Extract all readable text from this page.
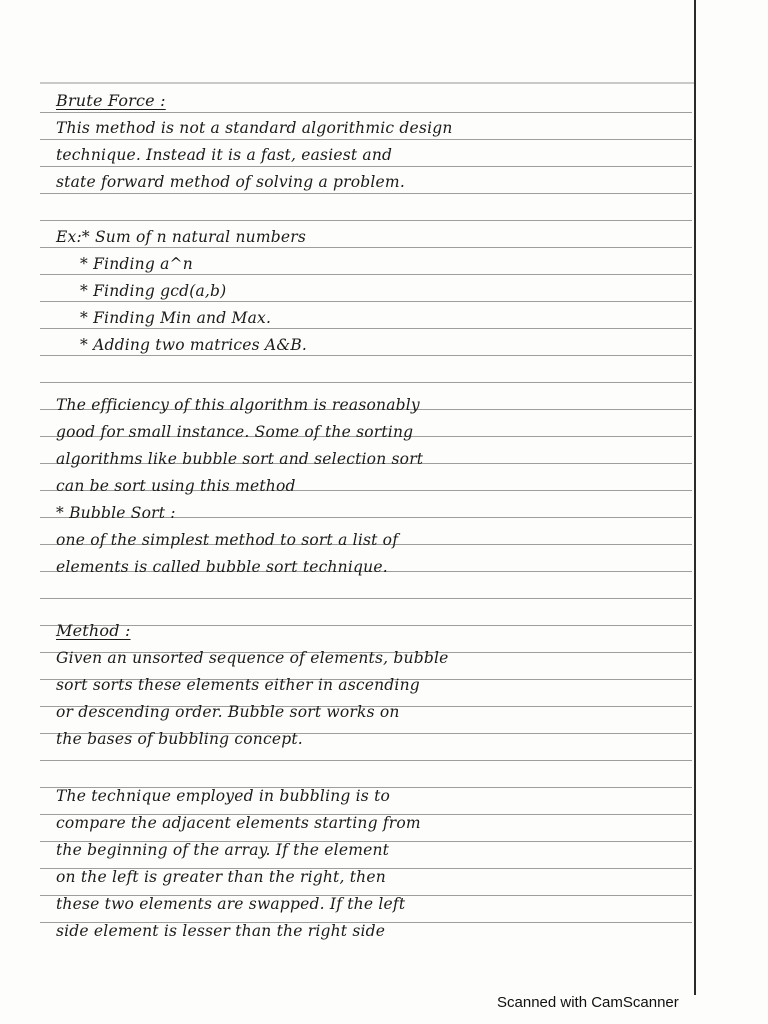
Brute Force :
This method is not a standard algorithmic design
technique. Instead it is a fast, easiest and
state forward method of solving a problem.
Ex:* Sum of n natural numbers
* Finding a^n
* Finding gcd(a,b)
* Finding Min and Max.
* Adding two matrices A&B.
The efficiency of this algorithm is reasonably
good for small instance. Some of the sorting
algorithms like bubble sort and selection sort
can be sort using this method
* Bubble Sort :
one of the simplest method to sort a list of
elements is called bubble sort technique.
Method :
Given an unsorted sequence of elements, bubble
sort sorts these elements either in ascending
or descending order. Bubble sort works on
the bases of bubbling concept.
The technique employed in bubbling is to
compare the adjacent elements starting from
the beginning of the array. If the element
on the left is greater than the right, then
these two elements are swapped. If the left
side element is lesser than the right side
Scanned with CamScanner
